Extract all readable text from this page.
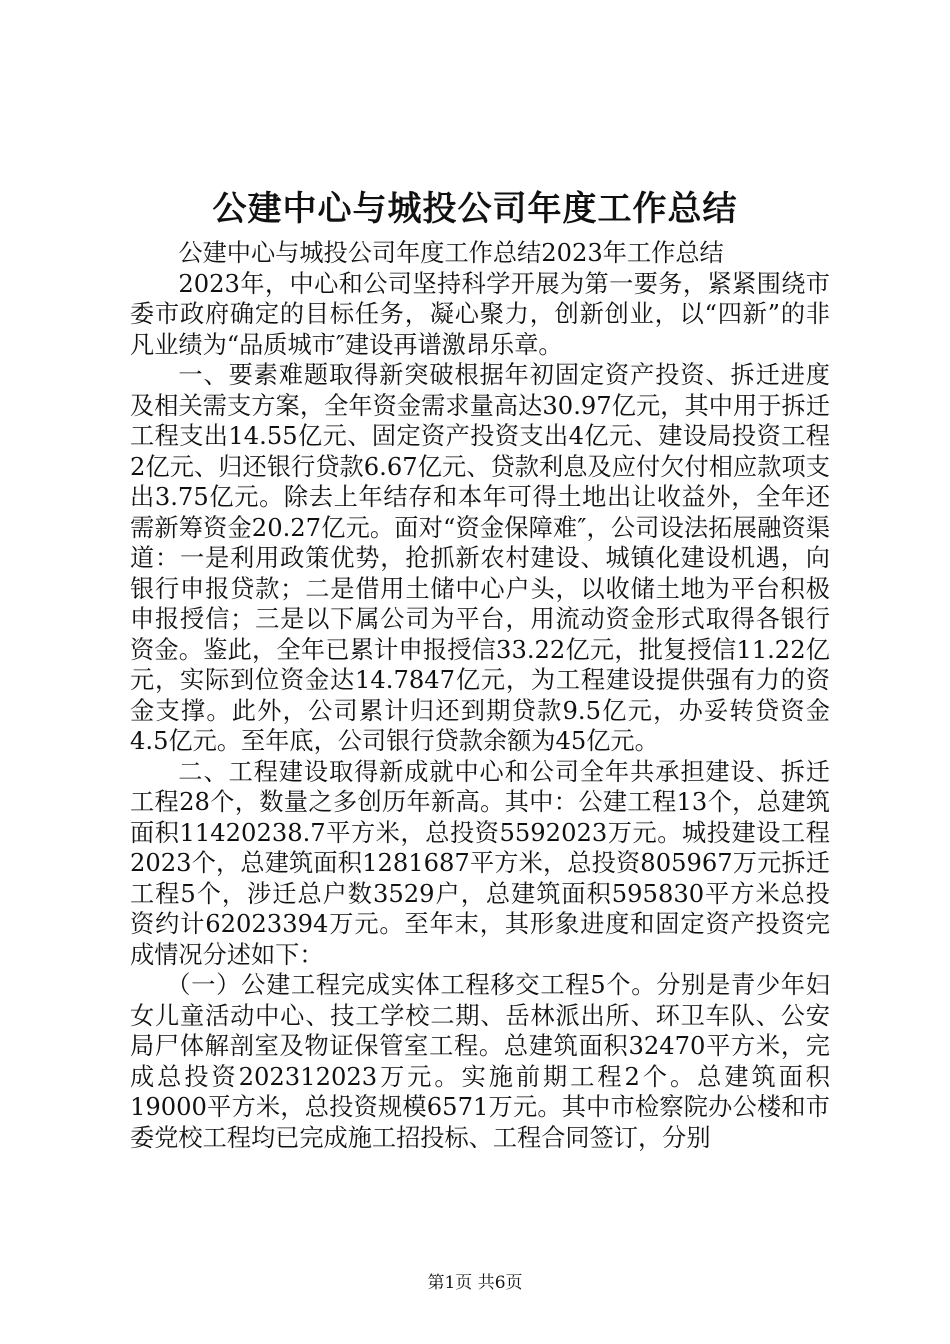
公建中心与城投公司年度工作总结

公建中心与城投公司年度工作总结2023年工作总结

2023年，中心和公司坚持科学开展为第一要务，紧紧围绕市委市政府确定的目标任务，凝心聚力，创新创业，以“四新”的非凡业绩为“品质城市″建设再谱激昂乐章。

一、要素难题取得新突破根据年初固定资产投资、拆迁进度及相关需支方案，全年资金需求量高达30.97亿元，其中用于拆迁工程支出14.55亿元、固定资产投资支出4亿元、建设局投资工程2亿元、归还银行贷款6.67亿元、贷款利息及应付欠付相应款项支出3.75亿元。除去上年结存和本年可得土地出让收益外，全年还需新筹资金20.27亿元。面对“资金保障难″，公司设法拓展融资渠道：一是利用政策优势，抢抓新农村建设、城镇化建设机遇，向银行申报贷款；二是借用土储中心户头，以收储土地为平台积极申报授信；三是以下属公司为平台，用流动资金形式取得各银行资金。鉴此，全年已累计申报授信33.22亿元，批复授信11.22亿元，实际到位资金达14.7847亿元，为工程建设提供强有力的资金支撑。此外，公司累计归还到期贷款9.5亿元，办妥转贷资金4.5亿元。至年底，公司银行贷款余额为45亿元。

二、工程建设取得新成就中心和公司全年共承担建设、拆迁工程28个，数量之多创历年新高。其中：公建工程13个，总建筑面积11420238.7平方米，总投资5592023万元。城投建设工程2023个，总建筑面积1281687平方米，总投资805967万元拆迁工程5个，涉迁总户数3529户，总建筑面积595830平方米总投资约计62023394万元。至年末，其形象进度和固定资产投资完成情况分述如下：

（一）公建工程完成实体工程移交工程5个。分别是青少年妇女儿童活动中心、技工学校二期、岳林派出所、环卫车队、公安局尸体解剖室及物证保管室工程。总建筑面积32470平方米，完成总投资202312023万元。实施前期工程2个。总建筑面积19000平方米，总投资规模6571万元。其中市检察院办公楼和市委党校工程均已完成施工招投标、工程合同签订，分别

第1页 共6页
